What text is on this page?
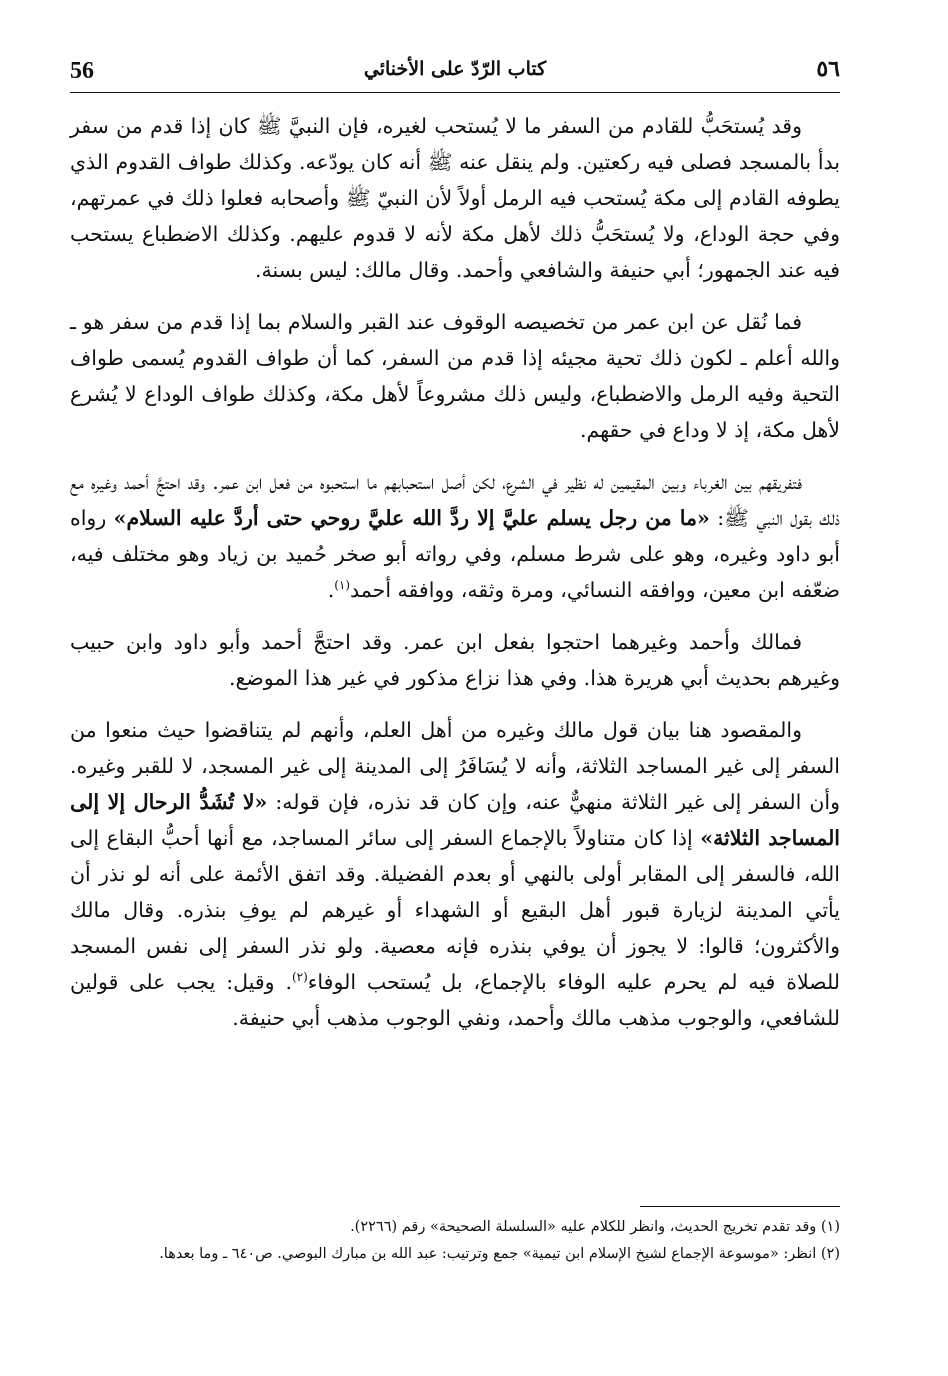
56	كتاب الرّدّ على الأخنائي	٥٦

وقد يُستحَبُّ للقادم من السفر ما لا يُستحب لغيره، فإن النبيَّ ﷺ كان إذا قدم من سفر بدأ بالمسجد فصلى فيه ركعتين. ولم ينقل عنه ﷺ أنه كان يودّعه. وكذلك طواف القدوم الذي يطوفه القادم إلى مكة يُستحب فيه الرمل أولاً لأن النبيّ ﷺ وأصحابه فعلوا ذلك في عمرتهم، وفي حجة الوداع، ولا يُستحَبُّ ذلك لأهل مكة لأنه لا قدوم عليهم. وكذلك الاضطباع يستحب فيه عند الجمهور؛ أبي حنيفة والشافعي وأحمد. وقال مالك: ليس بسنة.

فما نُقل عن ابن عمر من تخصيصه الوقوف عند القبر والسلام بما إذا قدم من سفر هو ـ والله أعلم ـ لكون ذلك تحية مجيئه إذا قدم من السفر، كما أن طواف القدوم يُسمى طواف التحية وفيه الرمل والاضطباع، وليس ذلك مشروعاً لأهل مكة، وكذلك طواف الوداع لا يُشرع لأهل مكة، إذ لا وداع في حقهم.

فتفريقهم بين الغرباء وبين المقيمين له نظير في الشرع، لكن أصل استحبابهم ما استحبوه من فعل ابن عمر. وقد احتجَّ أحمد وغيره مع ذلك بقول النبي ﷺ: «ما من رجل يسلم عليَّ إلا ردَّ الله عليَّ روحي حتى أردَّ عليه السلام» رواه أبو داود وغيره، وهو على شرط مسلم، وفي رواته أبو صخر حُميد بن زياد وهو مختلف فيه، ضعّفه ابن معين، ووافقه النسائي، ومرة وثقه، ووافقه أحمد$^{(١)}$.

فمالك وأحمد وغيرهما احتجوا بفعل ابن عمر. وقد احتجَّ أحمد وأبو داود وابن حبيب وغيرهم بحديث أبي هريرة هذا. وفي هذا نزاع مذكور في غير هذا الموضع.

والمقصود هنا بيان قول مالك وغيره من أهل العلم، وأنهم لم يتناقضوا حيث منعوا من السفر إلى غير المساجد الثلاثة، وأنه لا يُسَافَرُ إلى المدينة إلى غير المسجد، لا للقبر وغيره. وأن السفر إلى غير الثلاثة منهيٌّ عنه، وإن كان قد نذره، فإن قوله: «لا تُشَدُّ الرحال إلا إلى المساجد الثلاثة» إذا كان متناولاً بالإجماع السفر إلى سائر المساجد، مع أنها أحبُّ البقاع إلى الله، فالسفر إلى المقابر أولى بالنهي أو بعدم الفضيلة. وقد اتفق الأئمة على أنه لو نذر أن يأتي المدينة لزيارة قبور أهل البقيع أو الشهداء أو غيرهم لم يوفِ بنذره. وقال مالك والأكثرون؛ قالوا: لا يجوز أن يوفي بنذره فإنه معصية. ولو نذر السفر إلى نفس المسجد للصلاة فيه لم يحرم عليه الوفاء بالإجماع، بل يُستحب الوفاء$^{(٢)}$. وقيل: يجب على قولين للشافعي، والوجوب مذهب مالك وأحمد، ونفي الوجوب مذهب أبي حنيفة.

(١) وقد تقدم تخريج الحديث، وانظر للكلام عليه «السلسلة الصحيحة» رقم (٢٢٦٦).

(٢) انظر: «موسوعة الإجماع لشيخ الإسلام ابن تيمية» جمع وترتيب: عبد الله بن مبارك البوصي. ص٦٤٠ ـ وما بعدها.
